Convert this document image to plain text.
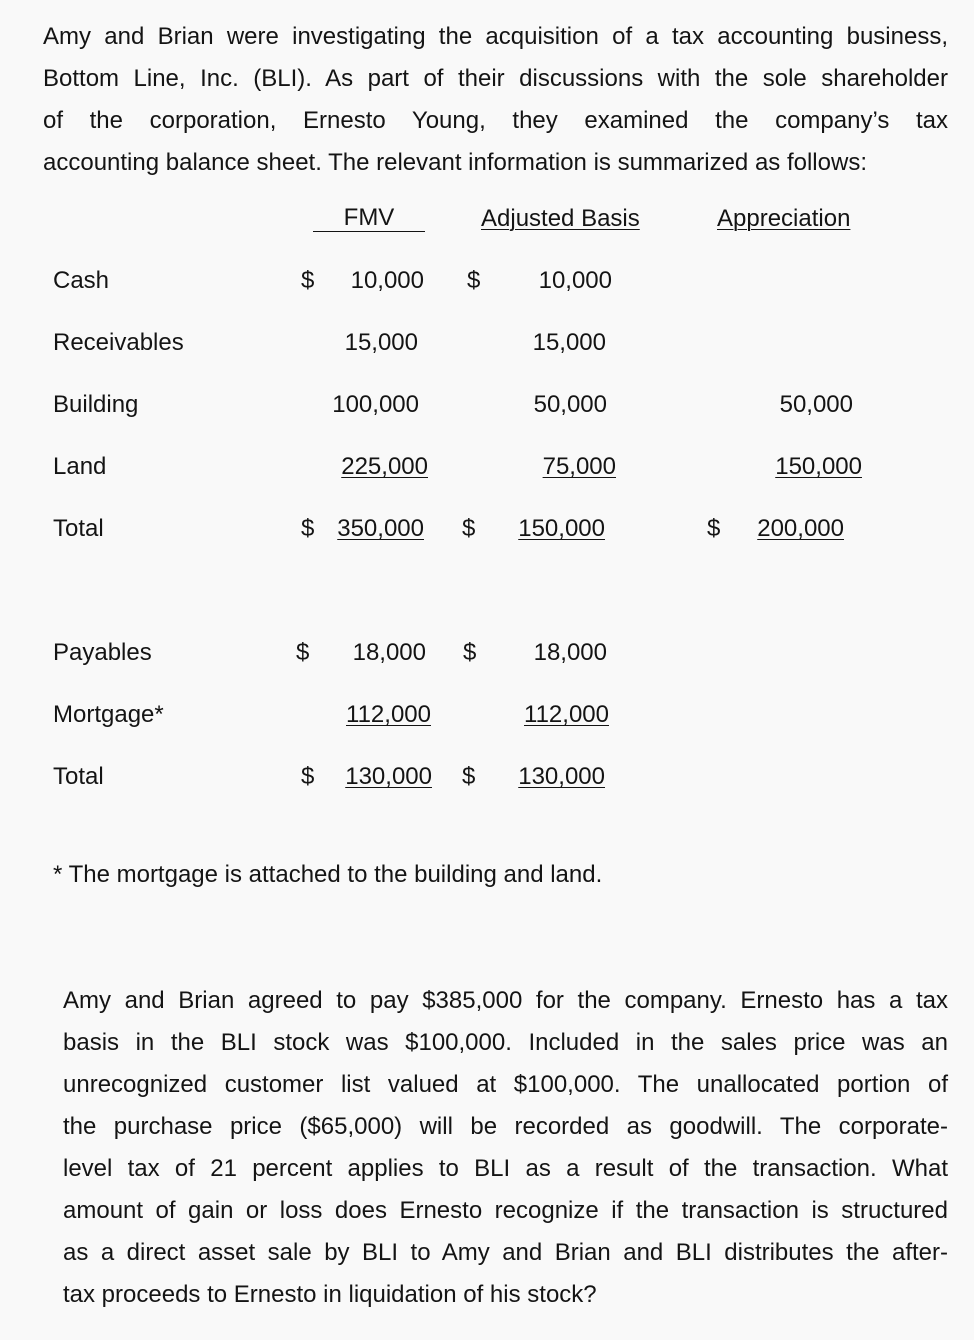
Amy and Brian were investigating the acquisition of a tax accounting business,
Bottom Line, Inc. (BLI). As part of their discussions with the sole shareholder
of the corporation, Ernesto Young, they examined the company’s tax

accounting balance sheet. The relevant information is summarized as follows:
FMV	Adjusted Basis	Appreciation
Cash	$	10,000 $	10,000
Receivables	15,000	15,000
Building	100,000	50,000	50,000
Land	225,000	75,000	150,000
Total	$ 350,000 $	150,000	$	200,000
Payables	$	18,000 $	18,000
Mortgage*	112,000	112,000
Total	$	130,000 $	130,000
* The mortgage is attached to the building and land.
Amy and Brian agreed to pay $385,000 for the company. Ernesto has a tax
basis in the BLI stock was $100,000. Included in the sales price was an
unrecognized customer list valued at $100,000. The unallocated portion of
the purchase price ($65,000) will be recorded as goodwill. The corporate-
level tax of 21 percent applies to BLI as a result of the transaction. What
amount of gain or loss does Ernesto recognize if the transaction is structured
as a direct asset sale by BLI to Amy and Brian and BLI distributes the after-

tax proceeds to Ernesto in liquidation of his stock?
